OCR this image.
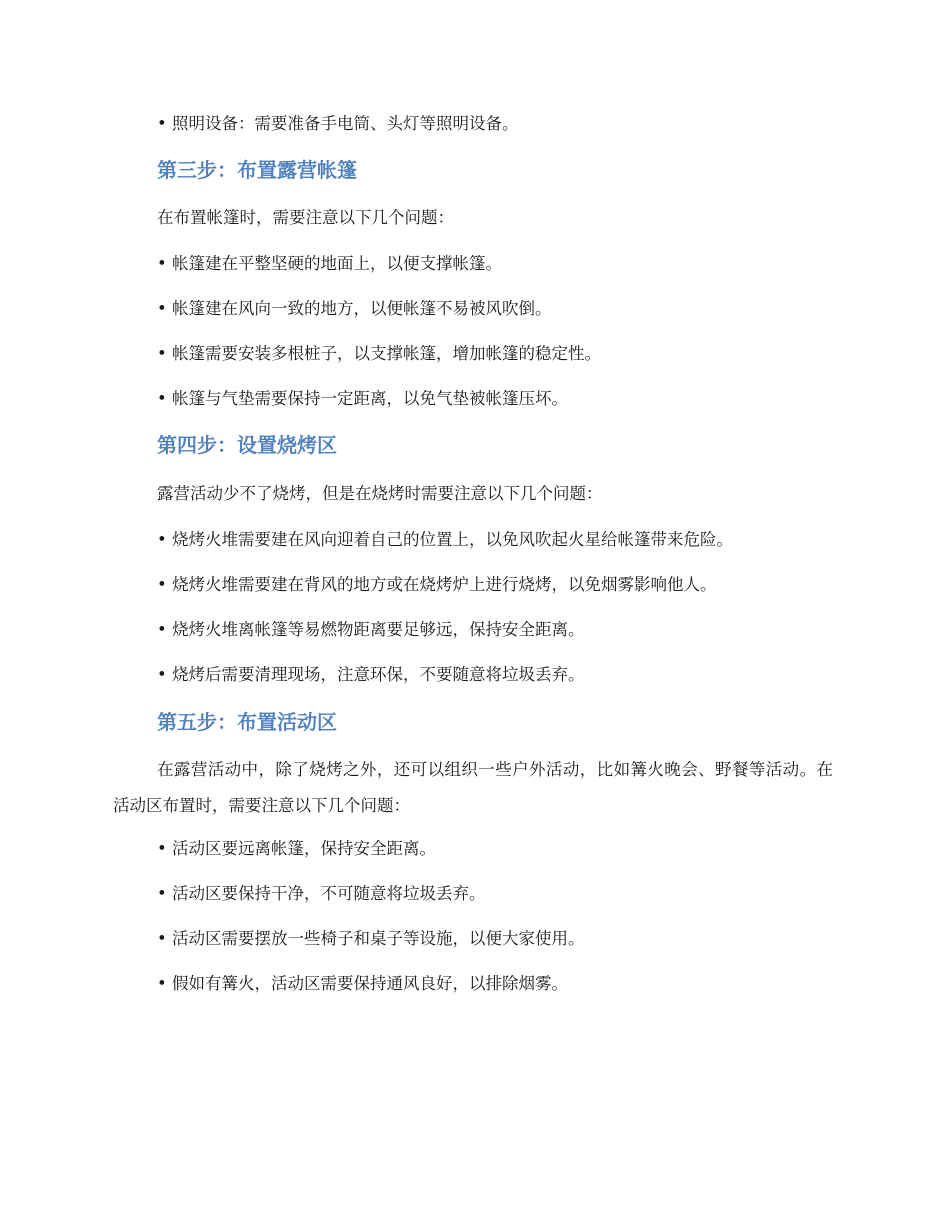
• 照明设备：需要准备手电筒、头灯等照明设备。
第三步：布置露营帐篷
在布置帐篷时，需要注意以下几个问题：
• 帐篷建在平整坚硬的地面上，以便支撑帐篷。
• 帐篷建在风向一致的地方，以便帐篷不易被风吹倒。
• 帐篷需要安装多根桩子，以支撑帐篷，增加帐篷的稳定性。
• 帐篷与气垫需要保持一定距离，以免气垫被帐篷压坏。
第四步：设置烧烤区
露营活动少不了烧烤，但是在烧烤时需要注意以下几个问题：
• 烧烤火堆需要建在风向迎着自己的位置上，以免风吹起火星给帐篷带来危险。
• 烧烤火堆需要建在背风的地方或在烧烤炉上进行烧烤，以免烟雾影响他人。
• 烧烤火堆离帐篷等易燃物距离要足够远，保持安全距离。
• 烧烤后需要清理现场，注意环保，不要随意将垃圾丢弃。
第五步：布置活动区
在露营活动中，除了烧烤之外，还可以组织一些户外活动，比如篝火晚会、野餐等活动。在活动区布置时，需要注意以下几个问题：
• 活动区要远离帐篷，保持安全距离。
• 活动区要保持干净，不可随意将垃圾丢弃。
• 活动区需要摆放一些椅子和桌子等设施，以便大家使用。
• 假如有篝火，活动区需要保持通风良好，以排除烟雾。
